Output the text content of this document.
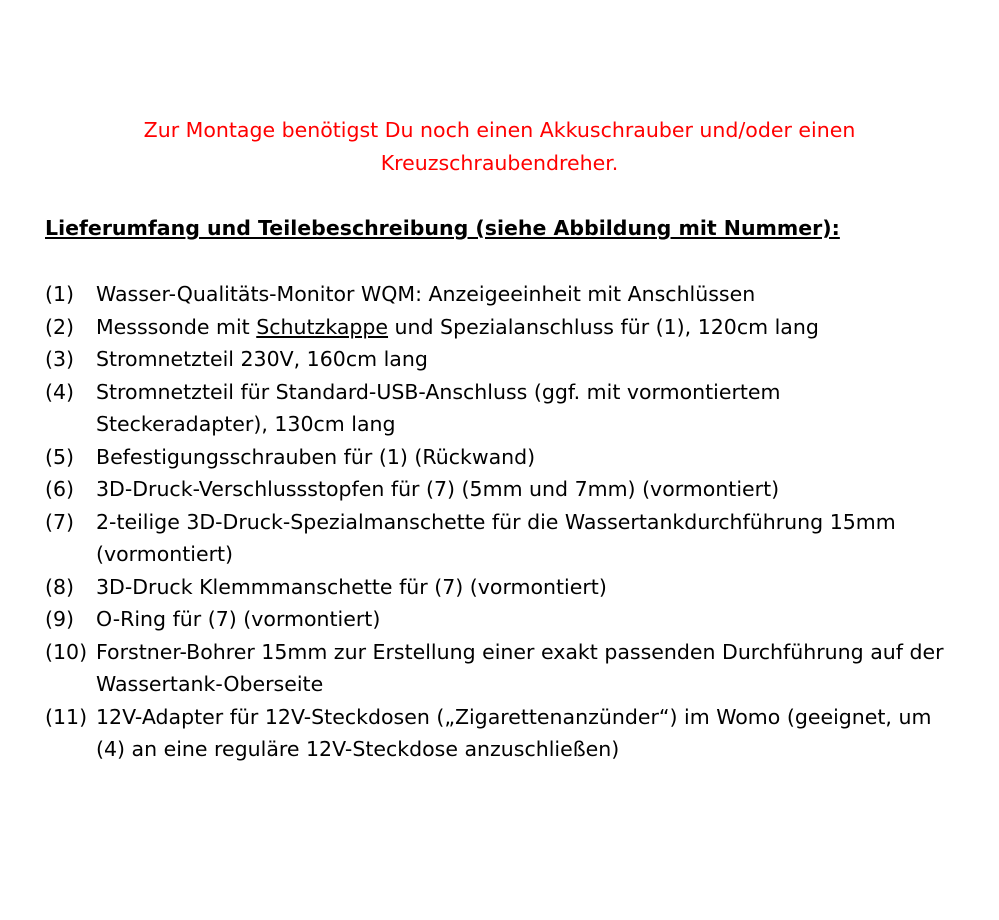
Zur Montage benötigst Du noch einen Akkuschrauber und/oder einen
Kreuzschraubendreher.
Lieferumfang und Teilebeschreibung (siehe Abbildung mit Nummer):
(1)	Wasser-Qualitäts-Monitor WQM: Anzeigeeinheit mit Anschlüssen
(2)	Messsonde mit Schutzkappe und Spezialanschluss für (1), 120cm lang
(3)	Stromnetzteil 230V, 160cm lang
(4)	Stromnetzteil für Standard-USB-Anschluss (ggf. mit vormontiertem
Steckeradapter), 130cm lang
(5)	Befestigungsschrauben für (1) (Rückwand)
(6)	3D-Druck-Verschlussstopfen für (7) (5mm und 7mm) (vormontiert)
(7)	2-teilige 3D-Druck-Spezialmanschette für die Wassertankdurchführung 15mm
(vormontiert)
(8)	3D-Druck Klemmmanschette für (7) (vormontiert)
(9)	O-Ring für (7) (vormontiert)
(10) Forstner-Bohrer 15mm zur Erstellung einer exakt passenden Durchführung auf der
Wassertank-Oberseite
(11) 12V-Adapter für 12V-Steckdosen („Zigarettenanzünder“) im Womo (geeignet, um
(4) an eine reguläre 12V-Steckdose anzuschließen)
